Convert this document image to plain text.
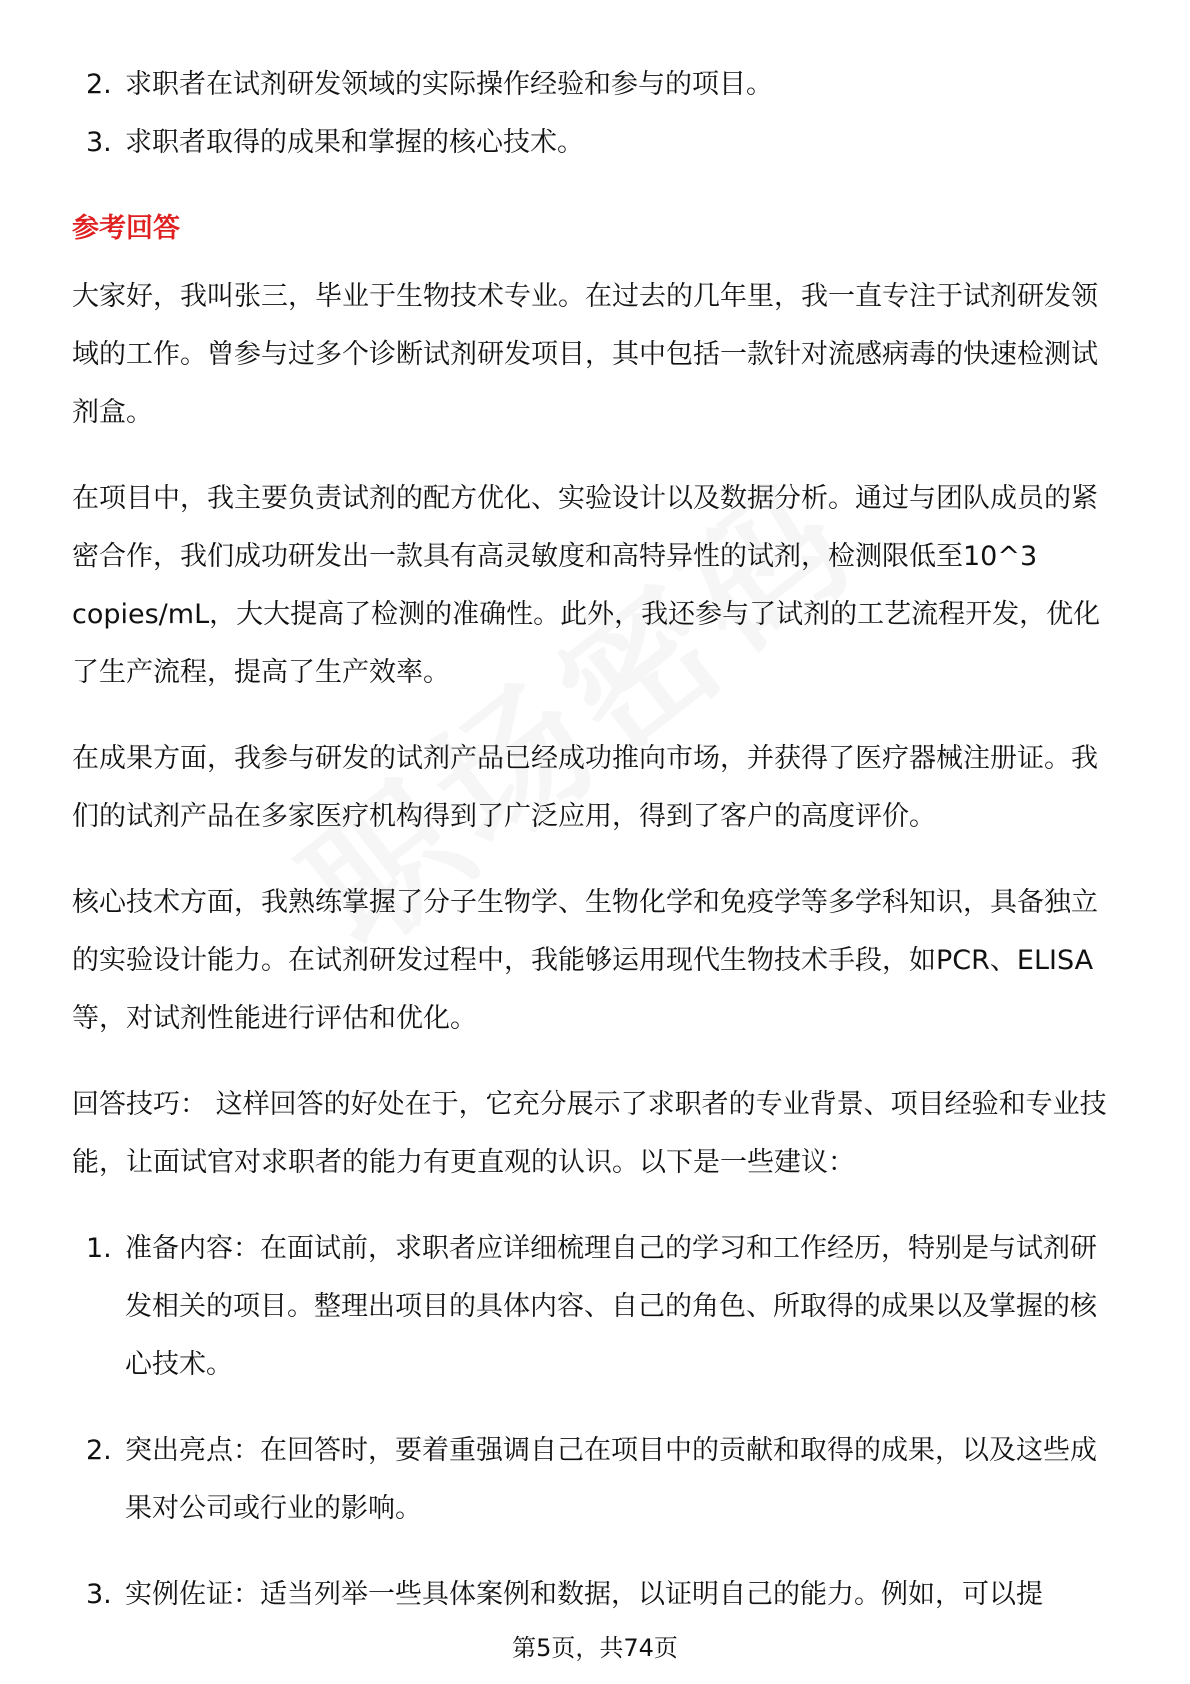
2. 求职者在试剂研发领域的实际操作经验和参与的项目。
3. 求职者取得的成果和掌握的核心技术。
参考回答

大家好，我叫张三，毕业于生物技术专业。在过去的几年里，我一直专注于试剂研发领域的工作。曾参与过多个诊断试剂研发项目，其中包括一款针对流感病毒的快速检测试剂盒。

在项目中，我主要负责试剂的配方优化、实验设计以及数据分析。通过与团队成员的紧密合作，我们成功研发出一款具有高灵敏度和高特异性的试剂，检测限低至10^3 copies/mL，大大提高了检测的准确性。此外，我还参与了试剂的工艺流程开发，优化了生产流程，提高了生产效率。

在成果方面，我参与研发的试剂产品已经成功推向市场，并获得了医疗器械注册证。我们的试剂产品在多家医疗机构得到了广泛应用，得到了客户的高度评价。

核心技术方面，我熟练掌握了分子生物学、生物化学和免疫学等多学科知识，具备独立的实验设计能力。在试剂研发过程中，我能够运用现代生物技术手段，如PCR、ELISA等，对试剂性能进行评估和优化。

回答技巧： 这样回答的好处在于，它充分展示了求职者的专业背景、项目经验和专业技能，让面试官对求职者的能力有更直观的认识。以下是一些建议：

1. 准备内容：在面试前，求职者应详细梳理自己的学习和工作经历，特别是与试剂研发相关的项目。整理出项目的具体内容、自己的角色、所取得的成果以及掌握的核心技术。
2. 突出亮点：在回答时，要着重强调自己在项目中的贡献和取得的成果，以及这些成果对公司或行业的影响。
3. 实例佐证：适当列举一些具体案例和数据，以证明自己的能力。例如，可以提
第5页，共74页
